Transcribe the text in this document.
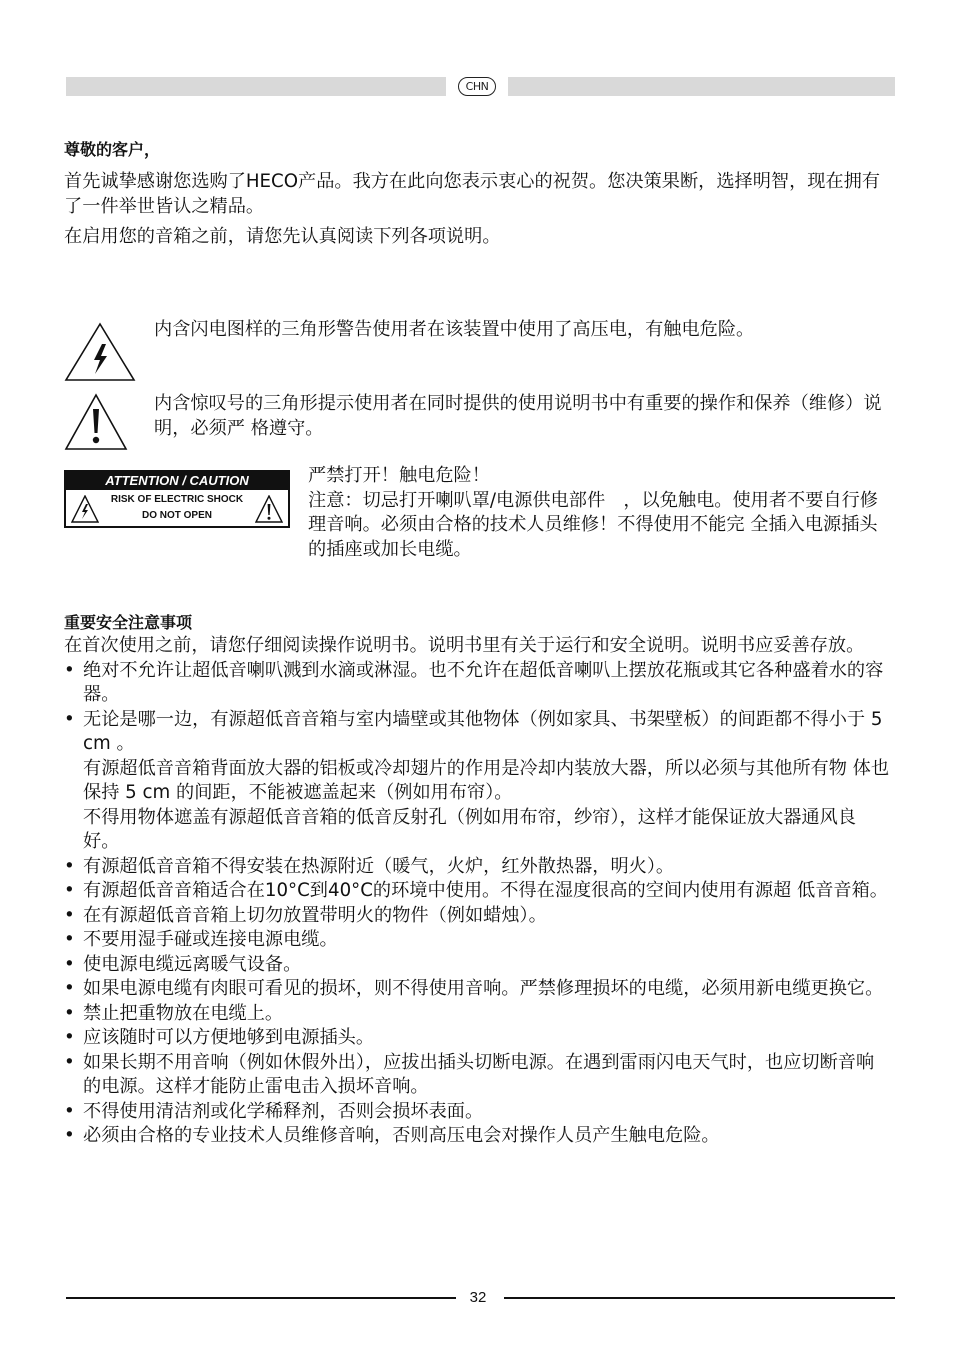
CHN

尊敬的客户，

首先诚挚感谢您选购了HECO产品。我方在此向您表示衷心的祝贺。您决策果断，选择明智，现在拥有了一件举世皆认之精品。

在启用您的音箱之前，请您先认真阅读下列各项说明。

内含闪电图样的三角形警告使用者在该装置中使用了高压电，有触电危险。

内含惊叹号的三角形提示使用者在同时提供的使用说明书中有重要的操作和保养（维修）说明，必须严 格遵守。

ATTENTION / CAUTION
RISK OF ELECTRIC SHOCK
DO NOT OPEN

严禁打开！触电危险！

注意：切忌打开喇叭罩/电源供电部件　，以免触电。使用者不要自行修理音响。必须由合格的技术人员维修！不得使用不能完 全插入电源插头的插座或加长电缆。

重要安全注意事项

在首次使用之前，请您仔细阅读操作说明书。说明书里有关于运行和安全说明。说明书应妥善存放。

• 绝对不允许让超低音喇叭溅到水滴或淋湿。也不允许在超低音喇叭上摆放花瓶或其它各种盛着水的容器。
• 无论是哪一边，有源超低音音箱与室内墙壁或其他物体（例如家具、书架壁板）的间距都不得小于 5 cm 。
有源超低音音箱背面放大器的铝板或冷却翅片的作用是冷却内装放大器，所以必须与其他所有物 体也保持 5 cm 的间距，不能被遮盖起来（例如用布帘）。
不得用物体遮盖有源超低音音箱的低音反射孔（例如用布帘，纱帘），这样才能保证放大器通风良好。
• 有源超低音音箱不得安装在热源附近（暖气，火炉，红外散热器，明火）。
• 有源超低音音箱适合在10°C到40°C的环境中使用。不得在湿度很高的空间内使用有源超 低音音箱。
• 在有源超低音音箱上切勿放置带明火的物件（例如蜡烛）。
• 不要用湿手碰或连接电源电缆。
• 使电源电缆远离暖气设备。
• 如果电源电缆有肉眼可看见的损坏，则不得使用音响。严禁修理损坏的电缆，必须用新电缆更换它。
• 禁止把重物放在电缆上。
• 应该随时可以方便地够到电源插头。
• 如果长期不用音响（例如休假外出），应拔出插头切断电源。在遇到雷雨闪电天气时，也应切断音响的电源。这样才能防止雷电击入损坏音响。
• 不得使用清洁剂或化学稀释剂，否则会损坏表面。
• 必须由合格的专业技术人员维修音响，否则高压电会对操作人员产生触电危险。
32
